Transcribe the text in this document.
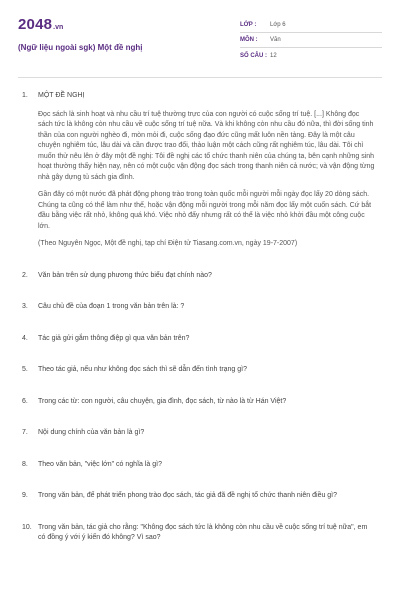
2048 .vn
(Ngữ liệu ngoài sgk) Một đề nghị
LỚP :	Lớp 6
MÔN :	Văn
SỐ CÂU : 12
1.	MỘT ĐỀ NGHỊ

Đọc sách là sinh hoạt và nhu cầu trí tuệ thường trực của con người có cuộc sống trí tuệ. [...] Không đọc sách tức là không còn nhu cầu về cuộc sống trí tuệ nữa. Và khi không còn nhu cầu đó nữa, thì đời sống tinh thần của con người nghèo đi, mòn mỏi đi, cuộc sống đạo đức cũng mất luôn nền tảng. Đây là một câu chuyện nghiêm túc, lâu dài và cần được trao đổi, thảo luận một cách cũng rất nghiêm túc, lâu dài. Tôi chỉ muốn thử nêu lên ở đây một đề nghị: Tôi đề nghị các tổ chức thanh niên của chúng ta, bên cạnh những sinh hoạt thường thấy hiện nay, nên có một cuộc vận động đọc sách trong thanh niên cả nước; và vận động từng nhà gây dựng tủ sách gia đình.

Gần đây có một nước đã phát động phong trào trong toàn quốc mỗi người mỗi ngày đọc lấy 20 dòng sách. Chúng ta cũng có thể làm như thế, hoặc vận động mỗi người trong mỗi năm đọc lấy một cuốn sách. Cứ bắt đầu bằng việc rất nhỏ, không quá khó. Việc nhỏ đấy nhưng rất có thể là việc nhỏ khởi đầu một công cuộc lớn.

(Theo Nguyên Ngọc, Một đề nghị, tạp chí Điện tử Tiasang.com.vn, ngày 19-7-2007)
2.	Văn bản trên sử dụng phương thức biểu đạt chính nào?
3.	Câu chủ đề của đoạn 1 trong văn bản trên là: ?
4.	Tác giả gửi gắm thông điệp gì qua văn bản trên?
5.	Theo tác giả, nếu như không đọc sách thì sẽ dẫn đến tình trạng gì?
6.	Trong các từ: con người, câu chuyện, gia đình, đọc sách, từ nào là từ Hán Việt?
7.	Nội dung chính của văn bản là gì?
8.	Theo văn bản, "việc lớn" có nghĩa là gì?
9.	Trong văn bản, để phát triển phong trào đọc sách, tác giả đã đề nghị tổ chức thanh niên điều gì?
10. Trong văn bản, tác giả cho rằng: "Không đọc sách tức là không còn nhu cầu về cuộc sống trí tuệ nữa", em có đồng ý với ý kiến đó không? Vì sao?
